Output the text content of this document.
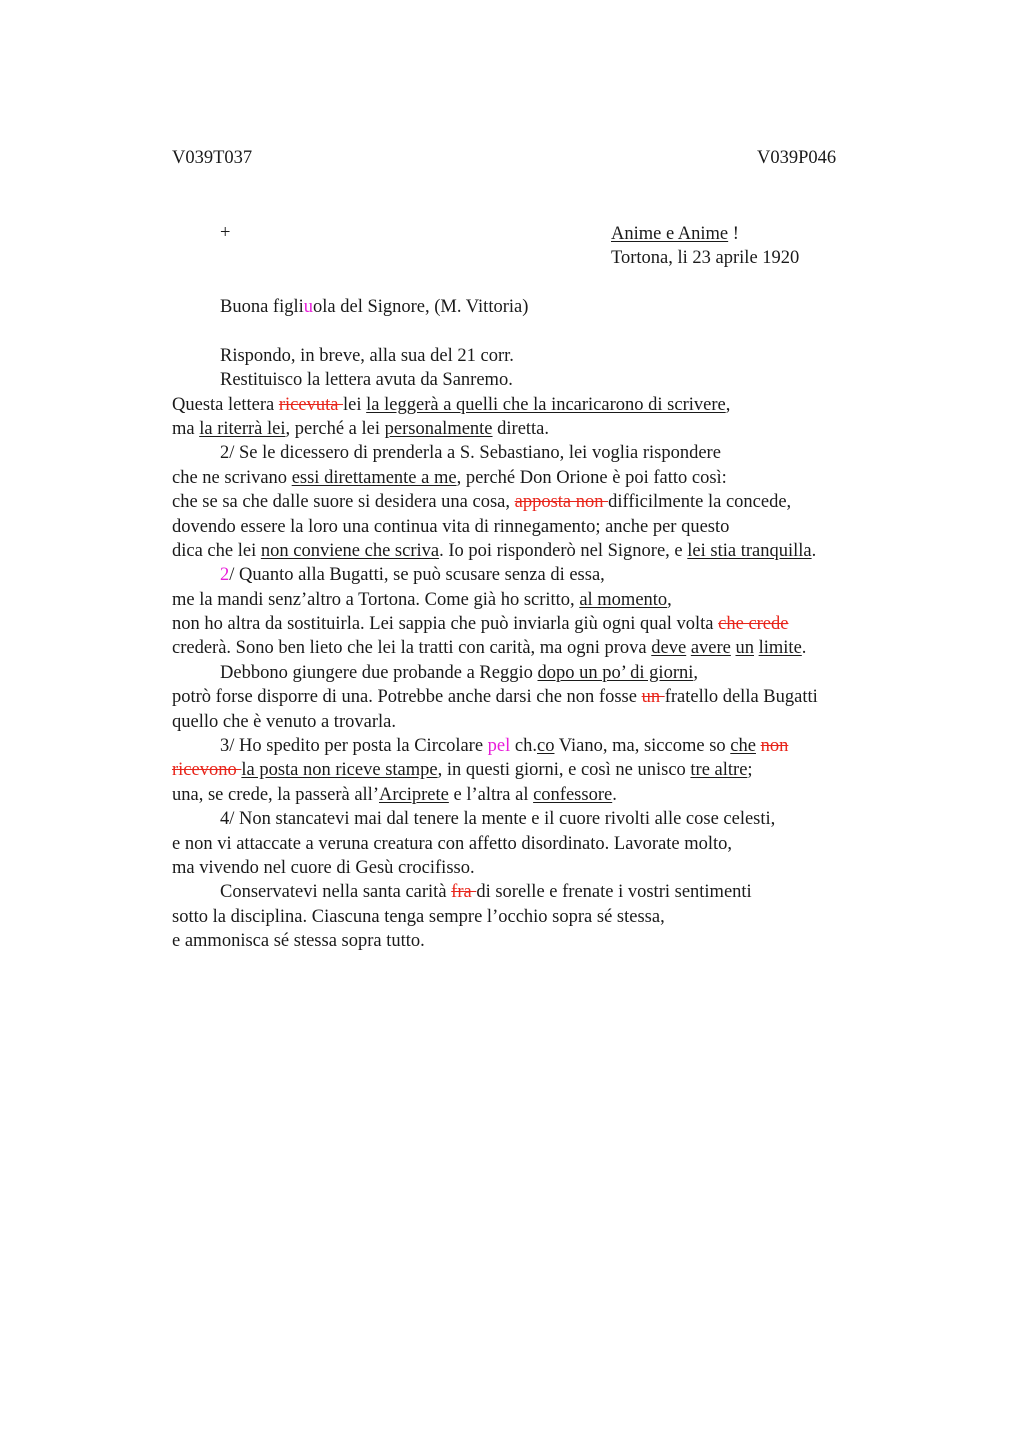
V039T037	V039P046
+	Anime e Anime !
Tortona, li 23 aprile 1920
Buona figliuola del Signore, (M. Vittoria)
Rispondo, in breve, alla sua del 21 corr.
Restituisco la lettera avuta da Sanremo.
Questa lettera ricevuta lei la leggerà a quelli che la incaricarono di scrivere,
ma la riterrà lei, perché a lei personalmente diretta.
2/ Se le dicessero di prenderla a S. Sebastiano, lei voglia rispondere
che ne scrivano essi direttamente a me, perché Don Orione è poi fatto così:
che se sa che dalle suore si desidera una cosa, apposta non difficilmente la concede,
dovendo essere la loro una continua vita di rinnegamento; anche per questo
dica che lei non conviene che scriva. Io poi risponderò nel Signore, e lei stia tranquilla.
2/ Quanto alla Bugatti, se può scusare senza di essa,
me la mandi senz’altro a Tortona. Come già ho scritto, al momento,
non ho altra da sostituirla. Lei sappia che può inviarla giù ogni qual volta che crede
crederà. Sono ben lieto che lei la tratti con carità, ma ogni prova deve avere un limite.
Debbono giungere due probande a Reggio dopo un po’ di giorni,
potrò forse disporre di una. Potrebbe anche darsi che non fosse un fratello della Bugatti
quello che è venuto a trovarla.
3/ Ho spedito per posta la Circolare pel ch.co Viano, ma, siccome so che non
ricevono la posta non riceve stampe, in questi giorni, e così ne unisco tre altre;
una, se crede, la passerà all’Arciprete e l’altra al confessore.
4/ Non stancatevi mai dal tenere la mente e il cuore rivolti alle cose celesti,
e non vi attaccate a veruna creatura con affetto disordinato. Lavorate molto,
ma vivendo nel cuore di Gesù crocifisso.
Conservatevi nella santa carità fra di sorelle e frenate i vostri sentimenti
sotto la disciplina. Ciascuna tenga sempre l’occhio sopra sé stessa,
e ammonisca sé stessa sopra tutto.
